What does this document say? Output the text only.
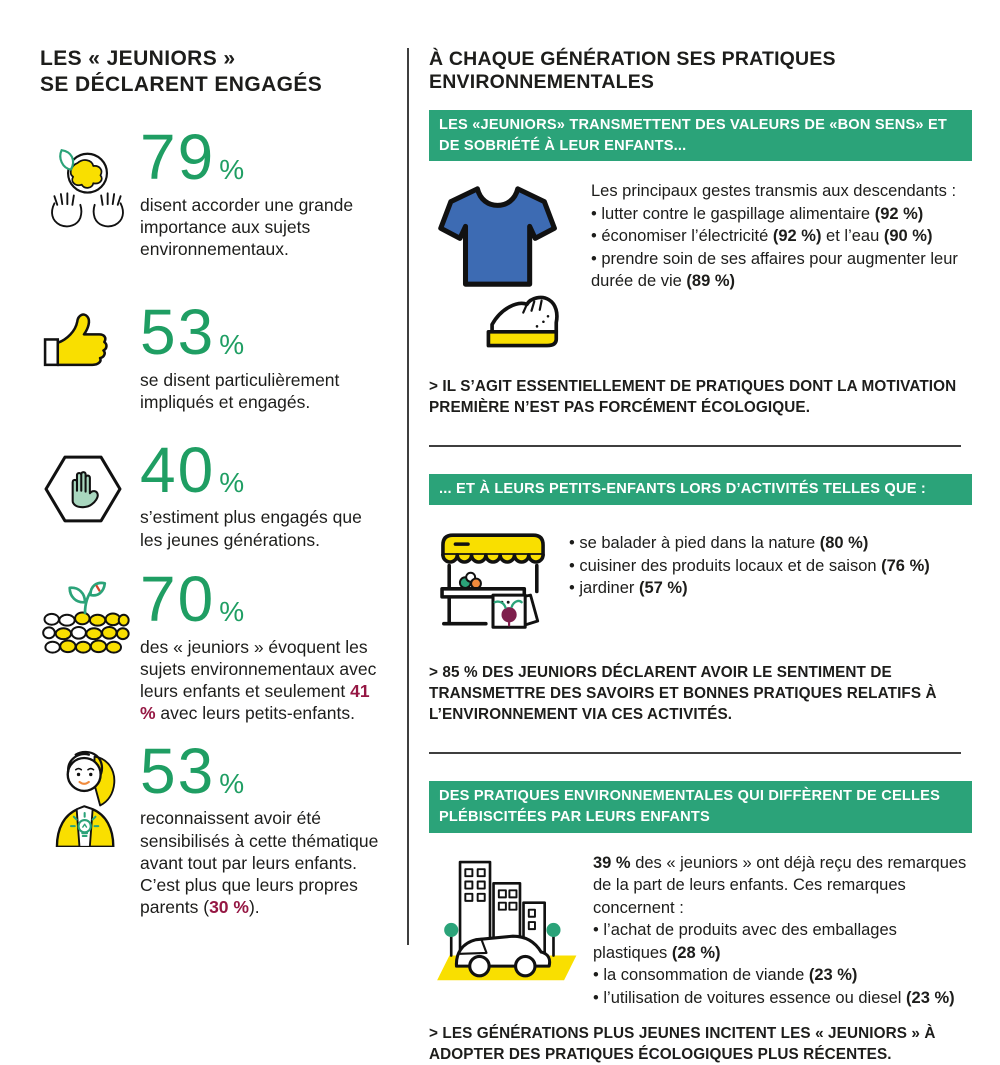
LES « JEUNIORS »
SE DÉCLARENT ENGAGÉS
79 %

disent accorder une grande importance aux sujets environnementaux.

53 %

se disent particulièrement impliqués et engagés.

40 %

s’estiment plus engagés que les jeunes générations.

70 %

des « jeuniors » évoquent les sujets environnementaux avec leurs enfants et seulement 41 % avec leurs petits-enfants.

53 %

reconnaissent avoir été sensibilisés à cette thématique avant tout par leurs enfants. C’est plus que leurs propres parents (30 %).

À CHAQUE GÉNÉRATION SES PRATIQUES ENVIRONNEMENTALES
LES «JEUNIORS» TRANSMETTENT DES VALEURS DE «BON SENS» ET DE SOBRIÉTÉ À LEUR ENFANTS...

Les principaux gestes transmis aux descendants :

• lutter contre le gaspillage alimentaire (92 %)

• économiser l’électricité (92 %) et l’eau (90 %)

• prendre soin de ses affaires pour augmenter leur durée de vie (89 %)

> IL S’AGIT ESSENTIELLEMENT DE PRATIQUES DONT LA MOTIVATION PREMIÈRE N’EST PAS FORCÉMENT ÉCOLOGIQUE.

... ET À LEURS PETITS-ENFANTS LORS D’ACTIVITÉS TELLES QUE :

• se balader à pied dans la nature (80 %)

• cuisiner des produits locaux et de saison (76 %)

• jardiner (57 %)

> 85 % DES JEUNIORS DÉCLARENT AVOIR LE SENTIMENT DE TRANSMETTRE DES SAVOIRS ET BONNES PRATIQUES RELATIFS À L’ENVIRONNEMENT VIA CES ACTIVITÉS.

DES PRATIQUES ENVIRONNEMENTALES QUI DIFFÈRENT DE CELLES PLÉBISCITÉES PAR LEURS ENFANTS

39 % des « jeuniors » ont déjà reçu des remarques de la part de leurs enfants. Ces remarques concernent :

• l’achat de produits avec des emballages plastiques (28 %)

• la consommation de viande (23 %)

• l’utilisation de voitures essence ou diesel (23 %)

> LES GÉNÉRATIONS PLUS JEUNES INCITENT LES « JEUNIORS » À ADOPTER DES PRATIQUES ÉCOLOGIQUES PLUS RÉCENTES.
